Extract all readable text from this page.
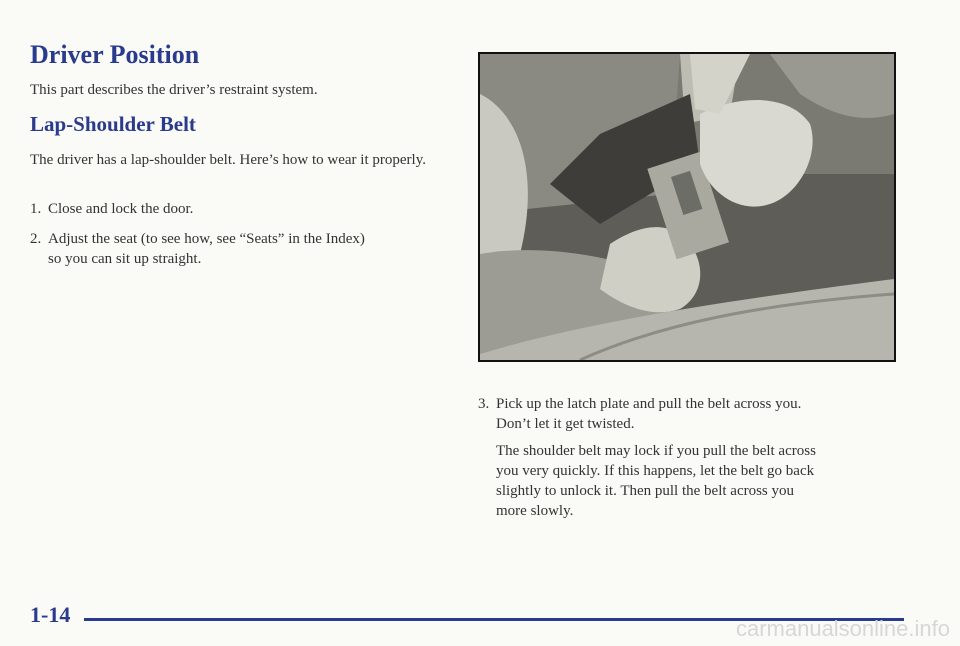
Driver Position
This part describes the driver’s restraint system.
Lap-Shoulder Belt
The driver has a lap-shoulder belt. Here’s how to wear it properly.
1. Close and lock the door.
2. Adjust the seat (to see how, see “Seats” in the Index)
so you can sit up straight.
3. Pick up the latch plate and pull the belt across you.
Don’t let it get twisted.
The shoulder belt may lock if you pull the belt across
you very quickly. If this happens, let the belt go back
slightly to unlock it. Then pull the belt across you
more slowly.
1-14
carmanualsonline.info
